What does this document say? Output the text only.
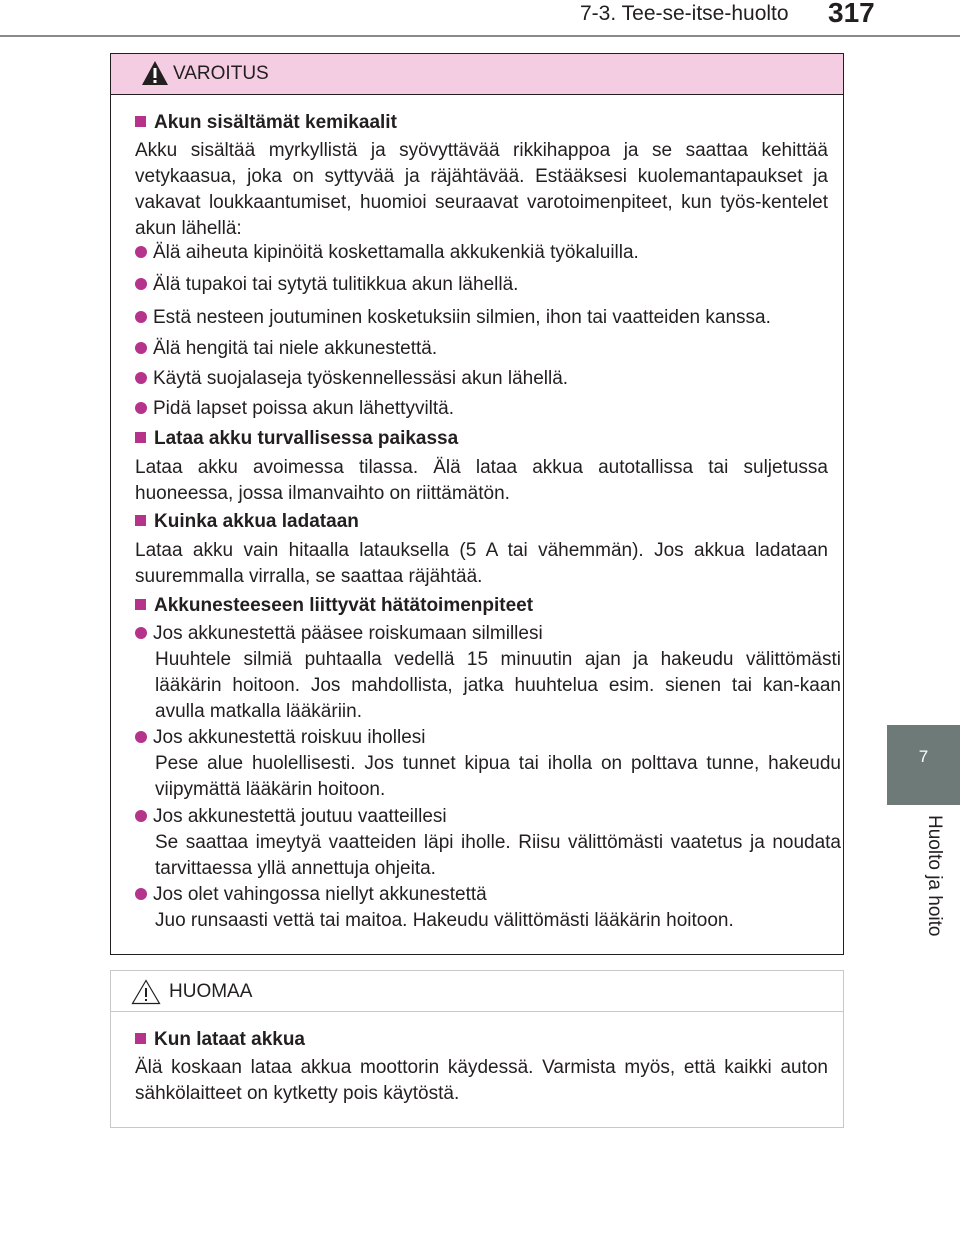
7-3. Tee-se-itse-huolto 317
7
Huolto ja hoito
VAROITUS
Akun sisältämät kemikaalit
Akku sisältää myrkyllistä ja syövyttävää rikkihappoa ja se saattaa kehittää vetykaasua, joka on syttyvää ja räjähtävää. Estääksesi kuolemantapaukset ja vakavat loukkaantumiset, huomioi seuraavat varotoimenpiteet, kun työs-kentelet akun lähellä:
Älä aiheuta kipinöitä koskettamalla akkukenkiä työkaluilla.
Älä tupakoi tai sytytä tulitikkua akun lähellä.
Estä nesteen joutuminen kosketuksiin silmien, ihon tai vaatteiden kanssa.
Älä hengitä tai niele akkunestettä.
Käytä suojalaseja työskennellessäsi akun lähellä.
Pidä lapset poissa akun lähettyviltä.
Lataa akku turvallisessa paikassa
Lataa akku avoimessa tilassa. Älä lataa akkua autotallissa tai suljetussa huoneessa, jossa ilmanvaihto on riittämätön.
Kuinka akkua ladataan
Lataa akku vain hitaalla latauksella (5 A tai vähemmän). Jos akkua ladataan suuremmalla virralla, se saattaa räjähtää.
Akkunesteeseen liittyvät hätätoimenpiteet
Jos akkunestettä pääsee roiskumaan silmillesi
Huuhtele silmiä puhtaalla vedellä 15 minuutin ajan ja hakeudu välittömästi lääkärin hoitoon. Jos mahdollista, jatka huuhtelua esim. sienen tai kan-kaan avulla matkalla lääkäriin.
Jos akkunestettä roiskuu ihollesi
Pese alue huolellisesti. Jos tunnet kipua tai iholla on polttava tunne, hakeudu viipymättä lääkärin hoitoon.
Jos akkunestettä joutuu vaatteillesi
Se saattaa imeytyä vaatteiden läpi iholle. Riisu välittömästi vaatetus ja noudata tarvittaessa yllä annettuja ohjeita.
Jos olet vahingossa niellyt akkunestettä
Juo runsaasti vettä tai maitoa. Hakeudu välittömästi lääkärin hoitoon.
HUOMAA
Kun lataat akkua
Älä koskaan lataa akkua moottorin käydessä. Varmista myös, että kaikki auton sähkölaitteet on kytketty pois käytöstä.
